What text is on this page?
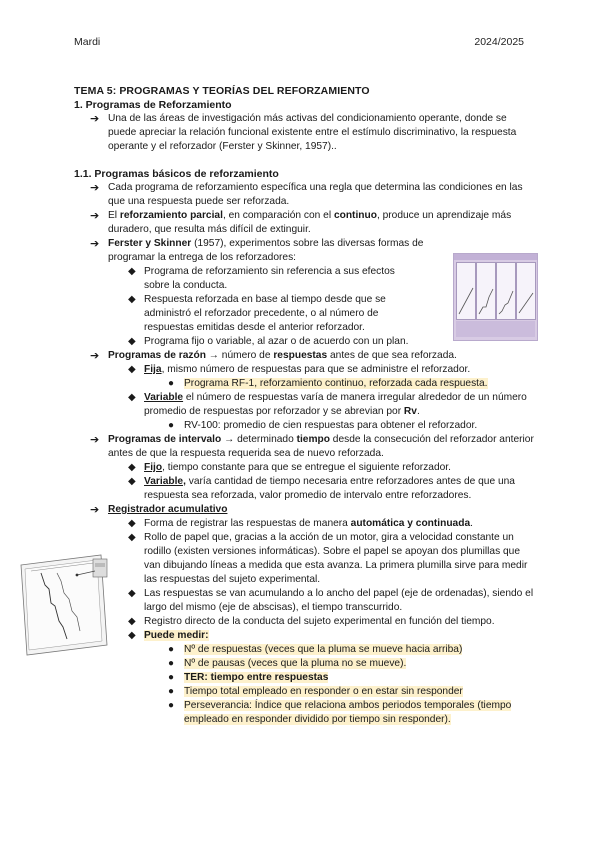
Mardi	2024/2025
TEMA 5: PROGRAMAS Y TEORÍAS DEL REFORZAMIENTO
1. Programas de Reforzamiento
➔ Una de las áreas de investigación más activas del condicionamiento operante, donde se puede apreciar la relación funcional existente entre el estímulo discriminativo, la respuesta operante y el reforzador (Ferster y Skinner, 1957)..
1.1. Programas básicos de reforzamiento
➔ Cada programa de reforzamiento específica una regla que determina las condiciones en las que una respuesta puede ser reforzada.
➔ El reforzamiento parcial, en comparación con el continuo, produce un aprendizaje más duradero, que resulta más difícil de extinguir.
➔ Ferster y Skinner (1957), experimentos sobre las diversas formas de programar la entrega de los reforzadores:
◆ Programa de reforzamiento sin referencia a sus efectos sobre la conducta.
◆ Respuesta reforzada en base al tiempo desde que se administró el reforzador precedente, o al número de respuestas emitidas desde el anterior reforzador.
◆ Programa fijo o variable, al azar o de acuerdo con un plan.
➔ Programas de razón → número de respuestas antes de que sea reforzada.
◆ Fija, mismo número de respuestas para que se administre el reforzador.
● Programa RF-1, reforzamiento continuo, reforzada cada respuesta.
◆ Variable el número de respuestas varía de manera irregular alrededor de un número promedio de respuestas por reforzador y se abrevian por Rv.
● RV-100: promedio de cien respuestas para obtener el reforzador.
➔ Programas de intervalo → determinado tiempo desde la consecución del reforzador anterior antes de que la respuesta requerida sea de nuevo reforzada.
◆ Fijo, tiempo constante para que se entregue el siguiente reforzador.
◆ Variable, varía cantidad de tiempo necesaria entre reforzadores antes de que una respuesta sea reforzada, valor promedio de intervalo entre reforzadores.
➔ Registrador acumulativo
◆ Forma de registrar las respuestas de manera automática y continuada.
◆ Rollo de papel que, gracias a la acción de un motor, gira a velocidad constante un rodillo (existen versiones informáticas). Sobre el papel se apoyan dos plumillas que van dibujando líneas a medida que esta avanza. La primera plumilla sirve para medir las respuestas del sujeto experimental.
◆ Las respuestas se van acumulando a lo ancho del papel (eje de ordenadas), siendo el largo del mismo (eje de abscisas), el tiempo transcurrido.
◆ Registro directo de la conducta del sujeto experimental en función del tiempo.
◆ Puede medir:
● Nº de respuestas (veces que la pluma se mueve hacia arriba)
● Nº de pausas (veces que la pluma no se mueve).
● TER: tiempo entre respuestas
● Tiempo total empleado en responder o en estar sin responder
● Perseverancia: Índice que relaciona ambos periodos temporales (tiempo empleado en responder dividido por tiempo sin responder).
